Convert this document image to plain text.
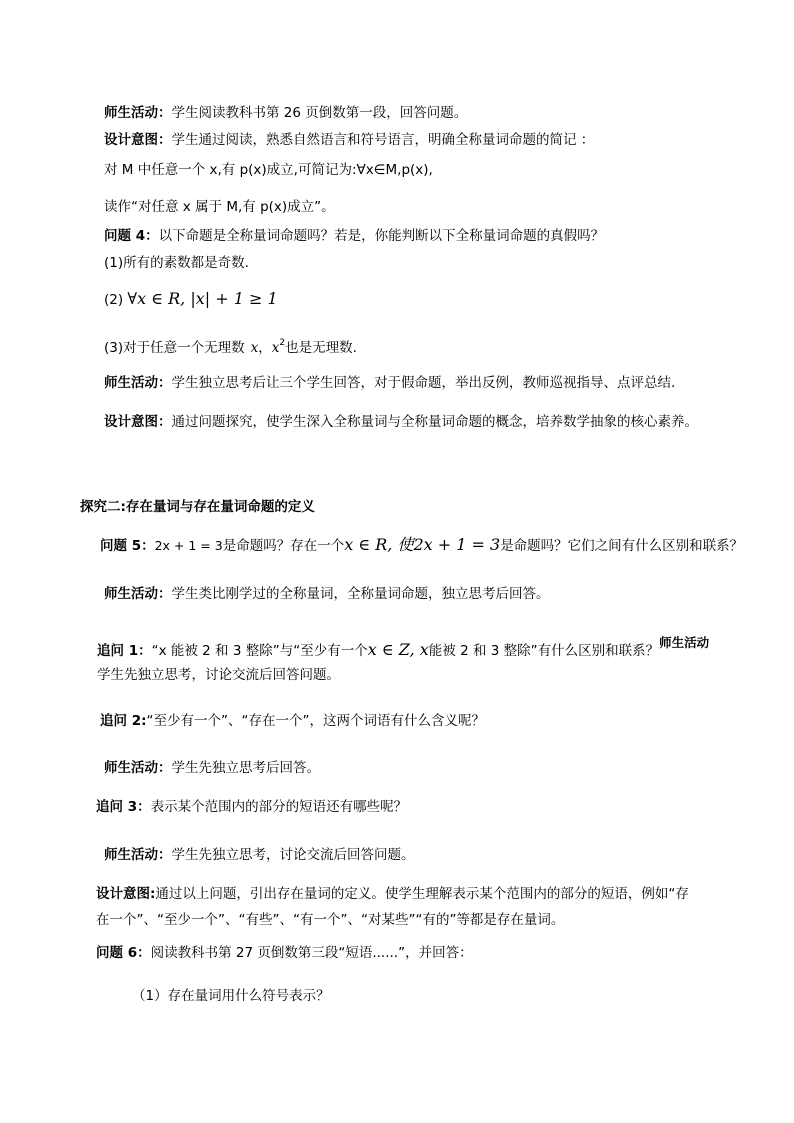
师生活动：学生阅读教科书第 26 页倒数第一段，回答问题。
设计意图：学生通过阅读，熟悉自然语言和符号语言，明确全称量词命题的简记 ：
对 M 中任意一个 x,有 p(x)成立,可简记为:∀x∈M,p(x),
读作“对任意 x 属于 M,有 p(x)成立”。
问题 4：以下命题是全称量词命题吗？若是，你能判断以下全称量词命题的真假吗？
(1)所有的素数都是奇数.
(2) ∀x ∈ R, |x| + 1 ≥ 1
(3)对于任意一个无理数 x，$x^2$也是无理数.
师生活动：学生独立思考后让三个学生回答，对于假命题，举出反例，教师巡视指导、点评总结.
设计意图：通过问题探究，使学生深入全称量词与全称量词命题的概念，培养数学抽象的核心素养。
探究二:存在量词与存在量词命题的定义
问题 5：2x + 1 = 3是命题吗？存在一个x ∈ R, 使2x + 1 = 3是命题吗？它们之间有什么区别和联系？
师生活动：学生类比刚学过的全称量词，全称量词命题，独立思考后回答。
追问 1：“x 能被 2 和 3 整除”与“至少有一个x ∈ Z, x能被 2 和 3 整除”有什么区别和联系？师生活动
学生先独立思考，讨论交流后回答问题。
追问 2:“至少有一个”、“存在一个”，这两个词语有什么含义呢？
师生活动：学生先独立思考后回答。
追问 3：表示某个范围内的部分的短语还有哪些呢？
师生活动：学生先独立思考，讨论交流后回答问题。
设计意图:通过以上问题，引出存在量词的定义。使学生理解表示某个范围内的部分的短语，例如“存
在一个”、“至少一个”、“有些”、“有一个”、“对某些”“有的”等都是存在量词。
问题 6：阅读教科书第 27 页倒数第三段“短语......”，并回答：
（1）存在量词用什么符号表示？
